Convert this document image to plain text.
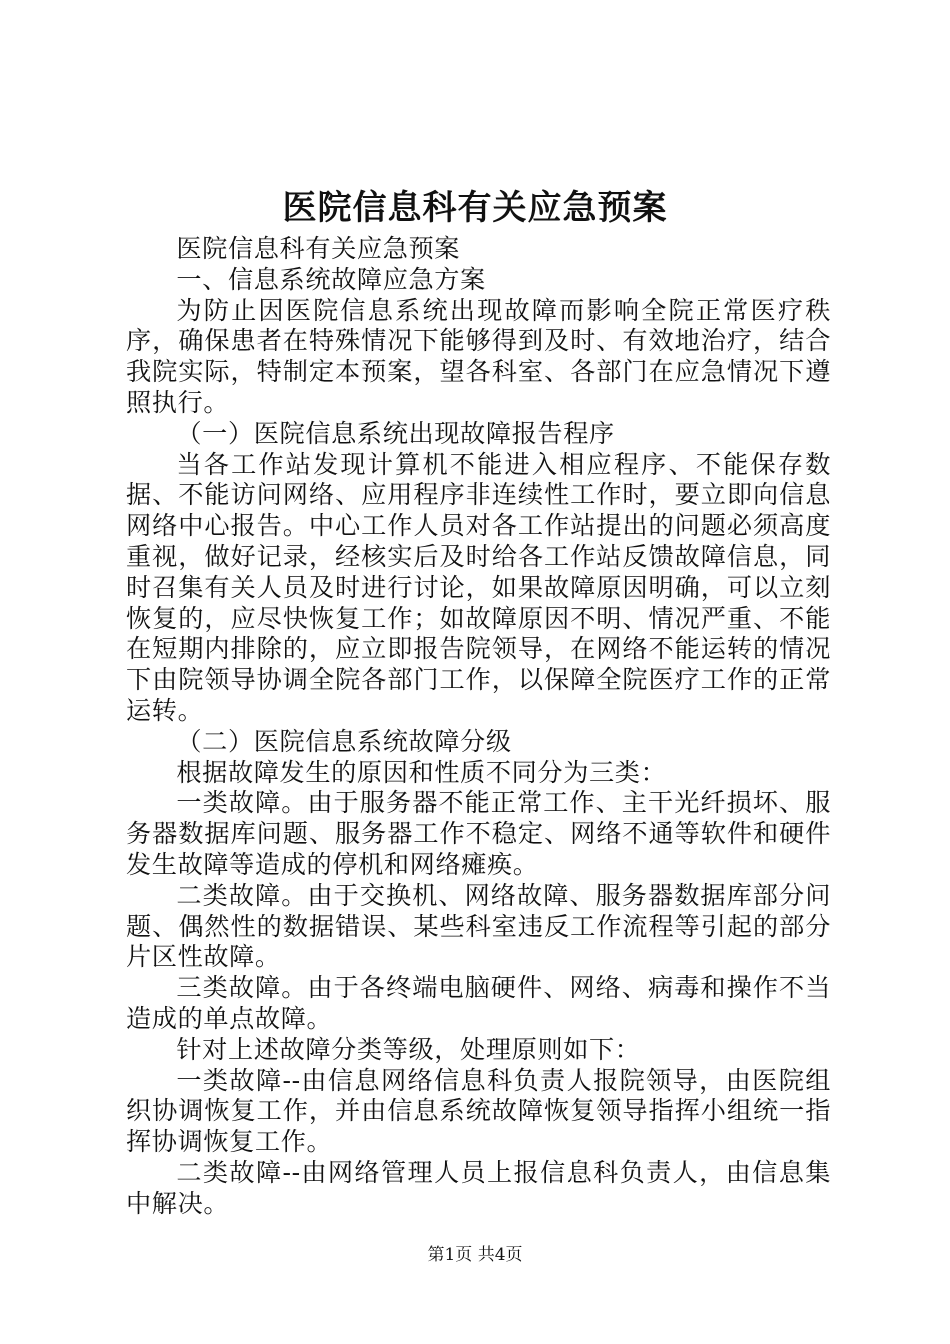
医院信息科有关应急预案

医院信息科有关应急预案

一、信息系统故障应急方案

为防止因医院信息系统出现故障而影响全院正常医疗秩序，确保患者在特殊情况下能够得到及时、有效地治疗，结合我院实际，特制定本预案，望各科室、各部门在应急情况下遵照执行。

（一）医院信息系统出现故障报告程序

当各工作站发现计算机不能进入相应程序、不能保存数据、不能访问网络、应用程序非连续性工作时，要立即向信息网络中心报告。中心工作人员对各工作站提出的问题必须高度重视，做好记录，经核实后及时给各工作站反馈故障信息，同时召集有关人员及时进行讨论，如果故障原因明确，可以立刻恢复的，应尽快恢复工作；如故障原因不明、情况严重、不能在短期内排除的，应立即报告院领导，在网络不能运转的情况下由院领导协调全院各部门工作，以保障全院医疗工作的正常运转。

（二）医院信息系统故障分级

根据故障发生的原因和性质不同分为三类：

一类故障。由于服务器不能正常工作、主干光纤损坏、服务器数据库问题、服务器工作不稳定、网络不通等软件和硬件发生故障等造成的停机和网络瘫痪。

二类故障。由于交换机、网络故障、服务器数据库部分问题、偶然性的数据错误、某些科室违反工作流程等引起的部分片区性故障。

三类故障。由于各终端电脑硬件、网络、病毒和操作不当造成的单点故障。

针对上述故障分类等级，处理原则如下：

一类故障--由信息网络信息科负责人报院领导，由医院组织协调恢复工作，并由信息系统故障恢复领导指挥小组统一指挥协调恢复工作。

二类故障--由网络管理人员上报信息科负责人，由信息集中解决。

第1页 共4页
